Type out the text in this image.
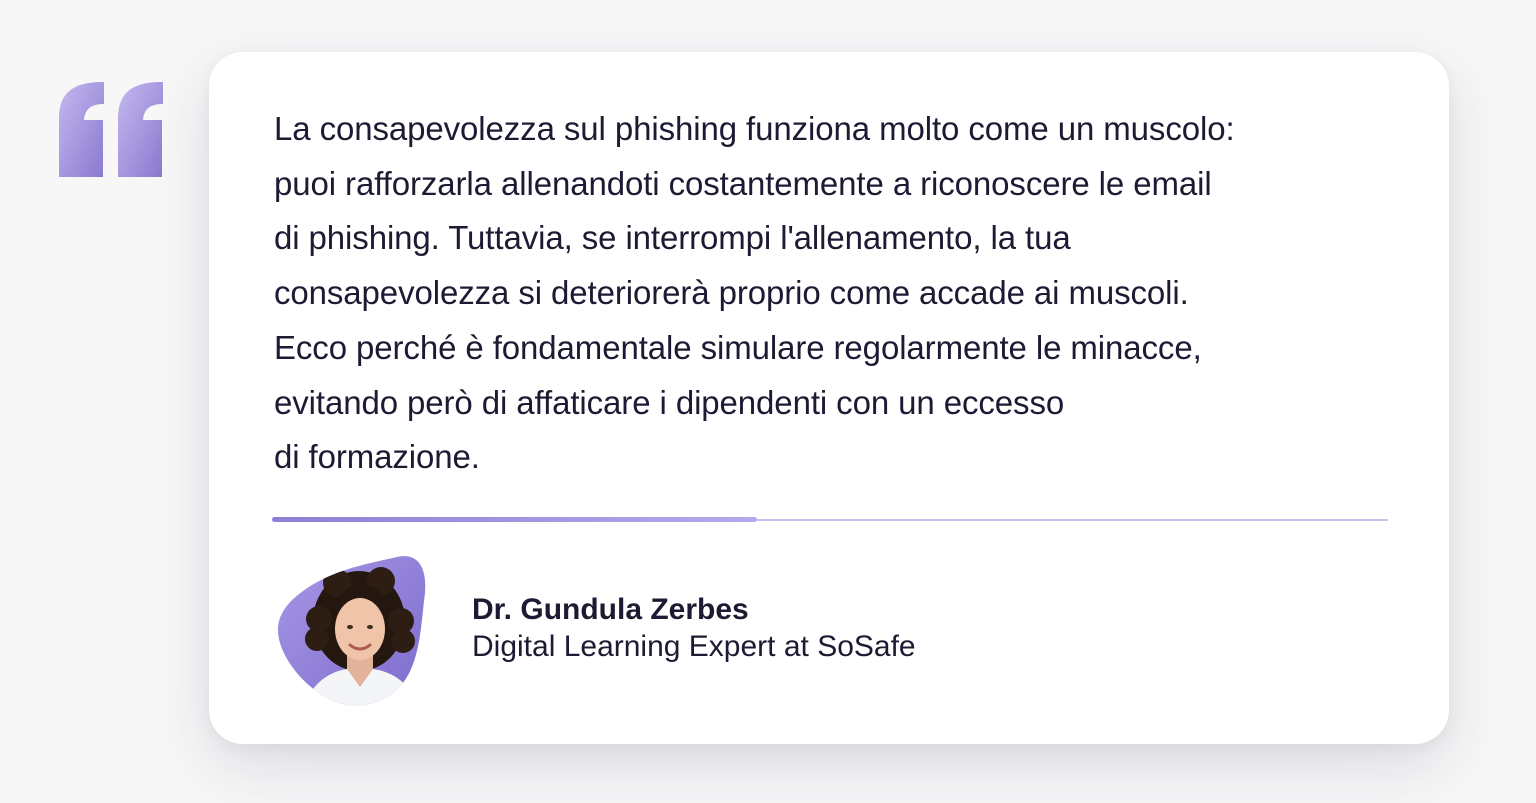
La consapevolezza sul phishing funziona molto come un muscolo:
puoi rafforzarla allenandoti costantemente a riconoscere le email
di phishing. Tuttavia, se interrompi l'allenamento, la tua
consapevolezza si deteriorerà proprio come accade ai muscoli.
Ecco perché è fondamentale simulare regolarmente le minacce,
evitando però di affaticare i dipendenti con un eccesso
di formazione.

Dr. Gundula Zerbes
Digital Learning Expert at SoSafe
